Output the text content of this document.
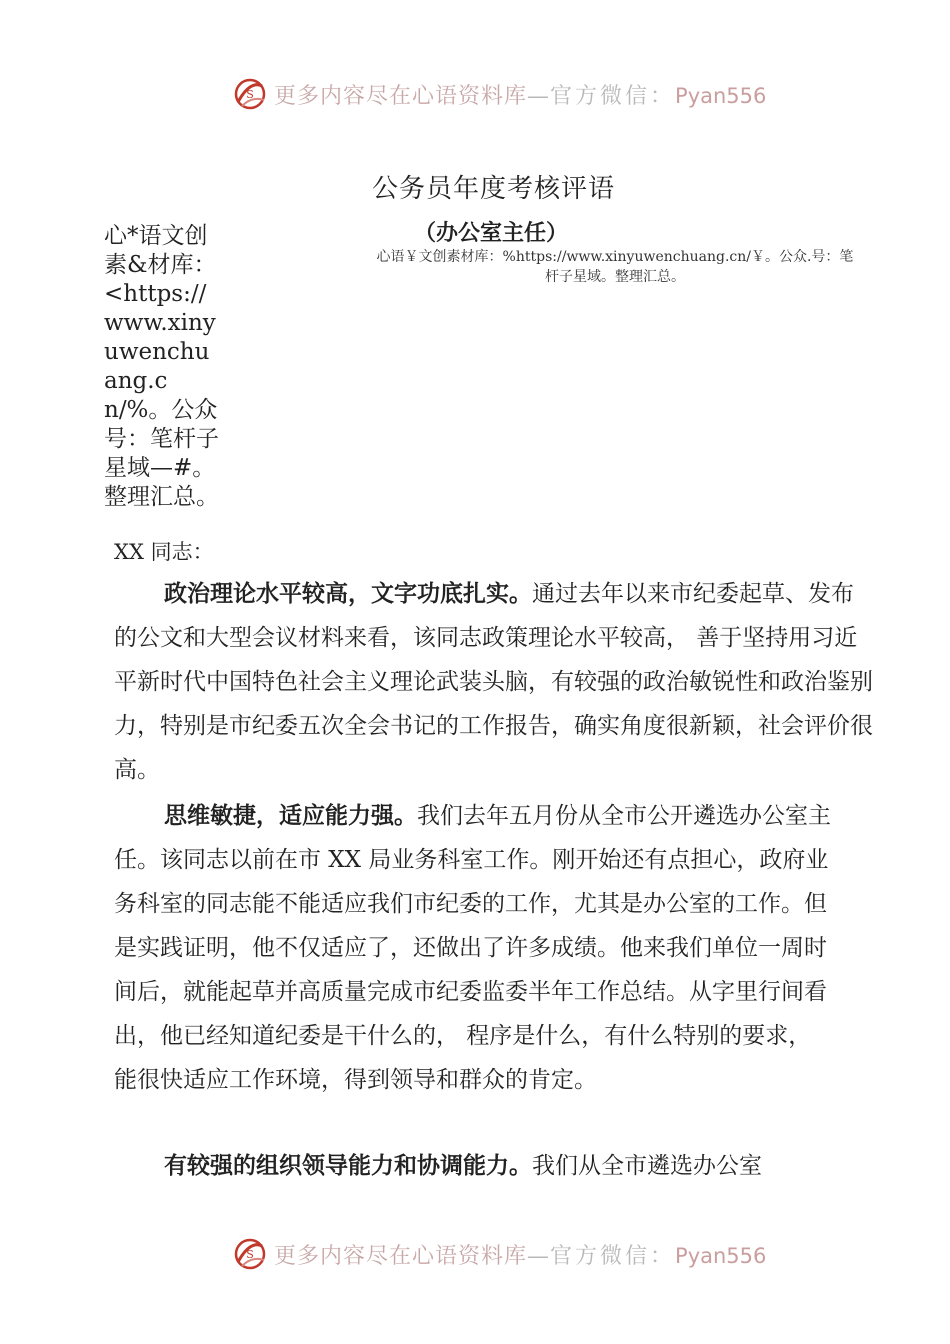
S 更多内容尽在心语资料库—官方微信：Pyan556
公务员年度考核评语
（办公室主任）
心*语文创素&材库：<https://www.xinyuwenchuang.cn/%。公众号：笔杆子星域—#。整理汇总。
心语￥文创素材库：%https://www.xinyuwenchuang.cn/￥。公众.号：笔杆子星域。整理汇总。
XX 同志：

政治理论水平较高，文字功底扎实。通过去年以来市纪委起草、发布的公文和大型会议材料来看，该同志政策理论水平较高， 善于坚持用习近平新时代中国特色社会主义理论武装头脑，有较强的政治敏锐性和政治鉴别力，特别是市纪委五次全会书记的工作报告，确实角度很新颖，社会评价很高。

思维敏捷，适应能力强。我们去年五月份从全市公开遴选办公室主任。该同志以前在市 XX 局业务科室工作。刚开始还有点担心，政府业务科室的同志能不能适应我们市纪委的工作，尤其是办公室的工作。但是实践证明，他不仅适应了，还做出了许多成绩。他来我们单位一周时间后，就能起草并高质量完成市纪委监委半年工作总结。从字里行间看出，他已经知道纪委是干什么的， 程序是什么，有什么特别的要求，能很快适应工作环境，得到领导和群众的肯定。

有较强的组织领导能力和协调能力。我们从全市遴选办公室

S 更多内容尽在心语资料库—官方微信：Pyan556
